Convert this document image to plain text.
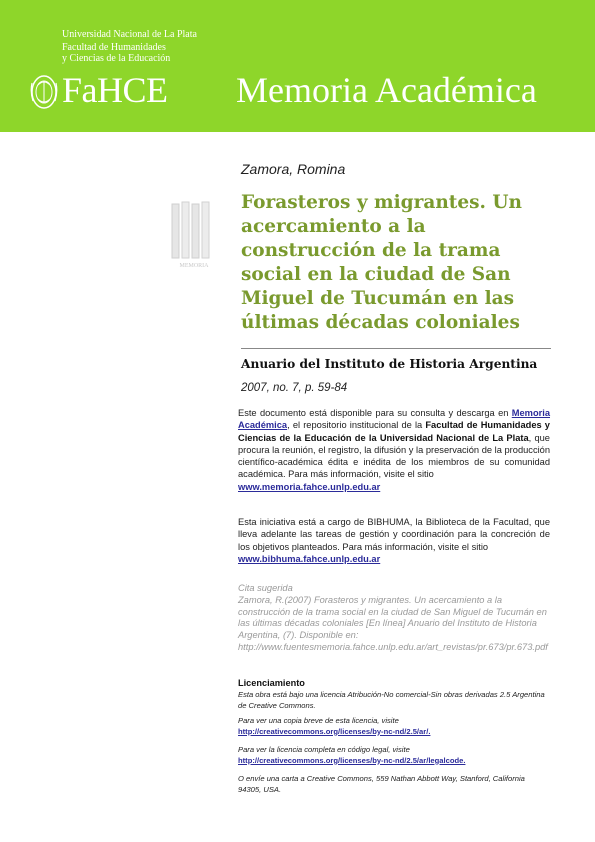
Universidad Nacional de La Plata
Facultad de Humanidades
y Ciencias de la Educación
FaHCE Memoria Académica
MEMORIA
Zamora, Romina
Forasteros y migrantes. Un acercamiento a la construcción de la trama social en la ciudad de San Miguel de Tucumán en las últimas décadas coloniales
Anuario del Instituto de Historia Argentina
2007, no. 7, p. 59-84

Este documento está disponible para su consulta y descarga en Memoria Académica, el repositorio institucional de la Facultad de Humanidades y Ciencias de la Educación de la Universidad Nacional de La Plata, que procura la reunión, el registro, la difusión y la preservación de la producción científico-académica édita e inédita de los miembros de su comunidad académica. Para más información, visite el sitio
www.memoria.fahce.unlp.edu.ar

Esta iniciativa está a cargo de BIBHUMA, la Biblioteca de la Facultad, que lleva adelante las tareas de gestión y coordinación para la concreción de los objetivos planteados. Para más información, visite el sitio
www.bibhuma.fahce.unlp.edu.ar

Cita sugerida
Zamora, R.(2007) Forasteros y migrantes. Un acercamiento a la construcción de la trama social en la ciudad de San Miguel de Tucumán en las últimas décadas coloniales [En línea] Anuario del Instituto de Historia Argentina, (7). Disponible en: http://www.fuentesmemoria.fahce.unlp.edu.ar/art_revistas/pr.673/pr.673.pdf

Licenciamiento

Esta obra está bajo una licencia Atribución-No comercial-Sin obras derivadas 2.5 Argentina de Creative Commons.

Para ver una copia breve de esta licencia, visite
http://creativecommons.org/licenses/by-nc-nd/2.5/ar/.

Para ver la licencia completa en código legal, visite
http://creativecommons.org/licenses/by-nc-nd/2.5/ar/legalcode.

O envíe una carta a Creative Commons, 559 Nathan Abbott Way, Stanford, California 94305, USA.
